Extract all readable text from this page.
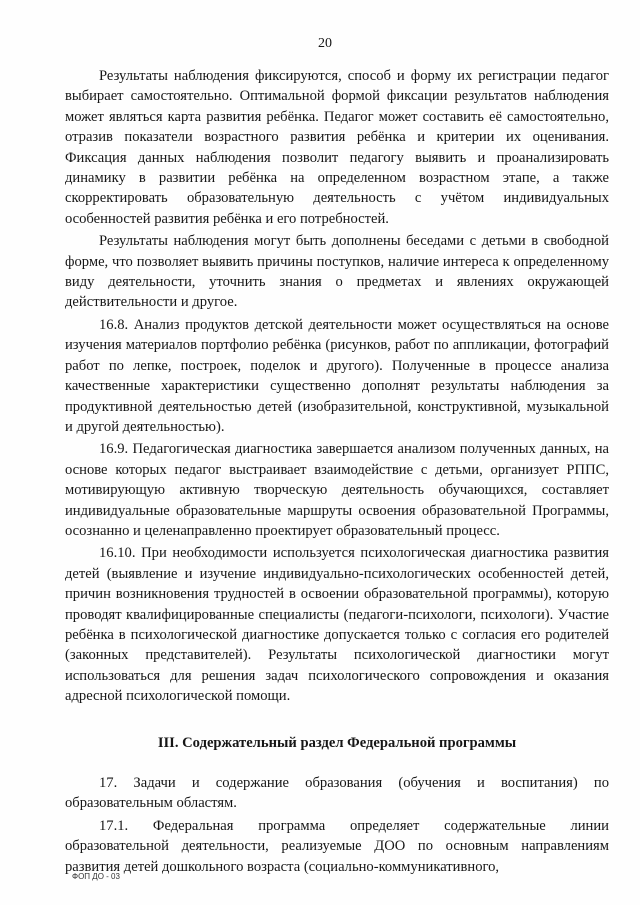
20

Результаты наблюдения фиксируются, способ и форму их регистрации педагог выбирает самостоятельно. Оптимальной формой фиксации результатов наблюдения может являться карта развития ребёнка. Педагог может составить её самостоятельно, отразив показатели возрастного развития ребёнка и критерии их оценивания. Фиксация данных наблюдения позволит педагогу выявить и проанализировать динамику в развитии ребёнка на определенном возрастном этапе, а также скорректировать образовательную деятельность с учётом индивидуальных особенностей развития ребёнка и его потребностей.

Результаты наблюдения могут быть дополнены беседами с детьми в свободной форме, что позволяет выявить причины поступков, наличие интереса к определенному виду деятельности, уточнить знания о предметах и явлениях окружающей действительности и другое.

16.8. Анализ продуктов детской деятельности может осуществляться на основе изучения материалов портфолио ребёнка (рисунков, работ по аппликации, фотографий работ по лепке, построек, поделок и другого). Полученные в процессе анализа качественные характеристики существенно дополнят результаты наблюдения за продуктивной деятельностью детей (изобразительной, конструктивной, музыкальной и другой деятельностью).

16.9. Педагогическая диагностика завершается анализом полученных данных, на основе которых педагог выстраивает взаимодействие с детьми, организует РППС, мотивирующую активную творческую деятельность обучающихся, составляет индивидуальные образовательные маршруты освоения образовательной Программы, осознанно и целенаправленно проектирует образовательный процесс.

16.10. При необходимости используется психологическая диагностика развития детей (выявление и изучение индивидуально-психологических особенностей детей, причин возникновения трудностей в освоении образовательной программы), которую проводят квалифицированные специалисты (педагоги-психологи, психологи). Участие ребёнка в психологической диагностике допускается только с согласия его родителей (законных представителей). Результаты психологической диагностики могут использоваться для решения задач психологического сопровождения и оказания адресной психологической помощи.

III. Содержательный раздел Федеральной программы

17. Задачи и содержание образования (обучения и воспитания) по образовательным областям.

17.1. Федеральная программа определяет содержательные линии образовательной деятельности, реализуемые ДОО по основным направлениям развития детей дошкольного возраста (социально-коммуникативного,

ФОП ДО - 03
